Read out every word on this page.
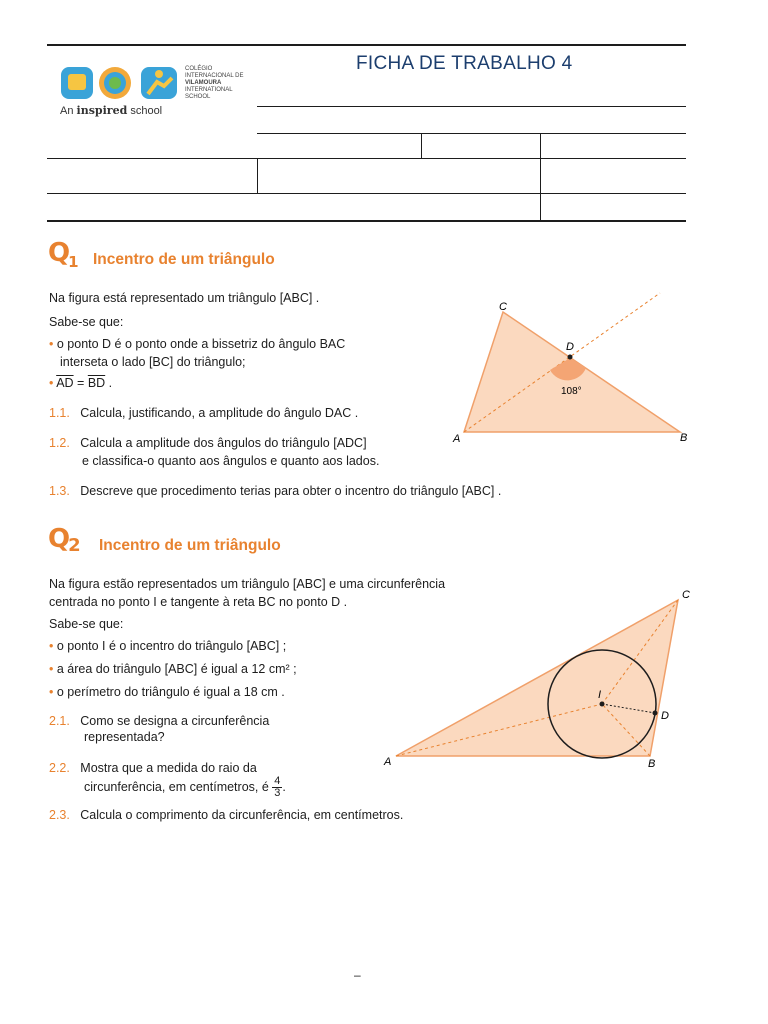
FICHA DE TRABALHO 4
COLÉGIO
INTERNACIONAL DE
VILAMOURA
INTERNATIONAL
SCHOOL
An inspired school
Q1 Incentro de um triângulo
Na figura está representado um triângulo [ABC] .
Sabe-se que:
• o ponto D é o ponto onde a bissetriz do ângulo BAC
interseta o lado [BC] do triângulo;
• $\overline{AD} = \overline{BD}$ .
1.1. Calcula, justificando, a amplitude do ângulo DAC .
1.2. Calcula a amplitude dos ângulos do triângulo [ADC]
e classifica-o quanto aos ângulos e quanto aos lados.
1.3. Descreve que procedimento terias para obter o incentro do triângulo [ABC] .
A	B
C
D
108°
Q2 Incentro de um triângulo
Na figura estão representados um triângulo [ABC] e uma circunferência
centrada no ponto I e tangente à reta BC no ponto D .
Sabe-se que:
• o ponto I é o incentro do triângulo [ABC] ;
• a área do triângulo [ABC] é igual a 12 cm² ;
• o perímetro do triângulo é igual a 18 cm .
2.1. Como se designa a circunferência
representada?
2.2. Mostra que a medida do raio da
circunferência, em centímetros, é $\frac{4}{3}$ .
2.3. Calcula o comprimento da circunferência, em centímetros.
A	B
C
D
I
–
